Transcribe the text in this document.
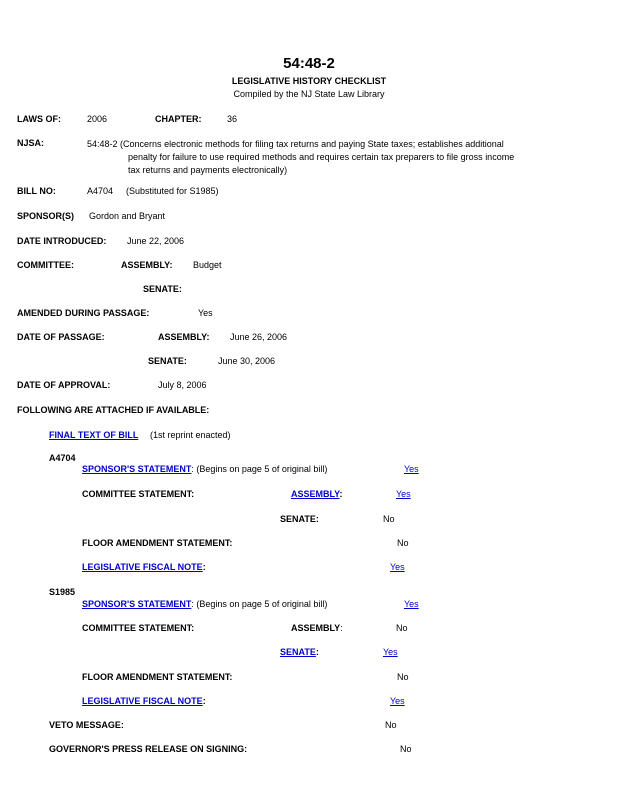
54:48-2
LEGISLATIVE HISTORY CHECKLIST
Compiled by the NJ State Law Library
LAWS OF:	2006	CHAPTER:	36
NJSA:	54:48-2 (Concerns electronic methods for filing tax returns and paying State taxes; establishes additional
penalty for failure to use required methods and requires certain tax preparers to file gross income
tax returns and payments electronically)
BILL NO:	A4704 (Substituted for S1985)
SPONSOR(S) Gordon and Bryant
DATE INTRODUCED: June 22, 2006
COMMITTEE:	ASSEMBLY: Budget
SENATE:
AMENDED DURING PASSAGE:	Yes
DATE OF PASSAGE:	ASSEMBLY: June 26, 2006
SENATE:	June 30, 2006
DATE OF APPROVAL:	July 8, 2006
FOLLOWING ARE ATTACHED IF AVAILABLE:
FINAL TEXT OF BILL (1st reprint enacted)
A4704
SPONSOR'S STATEMENT: (Begins on page 5 of original bill)	Yes
COMMITTEE STATEMENT:	ASSEMBLY:	Yes
SENATE:	No
FLOOR AMENDMENT STATEMENT:	No
LEGISLATIVE FISCAL NOTE:	Yes
S1985
SPONSOR'S STATEMENT: (Begins on page 5 of original bill)	Yes
COMMITTEE STATEMENT:	ASSEMBLY:	No
SENATE:	Yes
FLOOR AMENDMENT STATEMENT:	No
LEGISLATIVE FISCAL NOTE:	Yes
VETO MESSAGE:	No
GOVERNOR'S PRESS RELEASE ON SIGNING:	No
